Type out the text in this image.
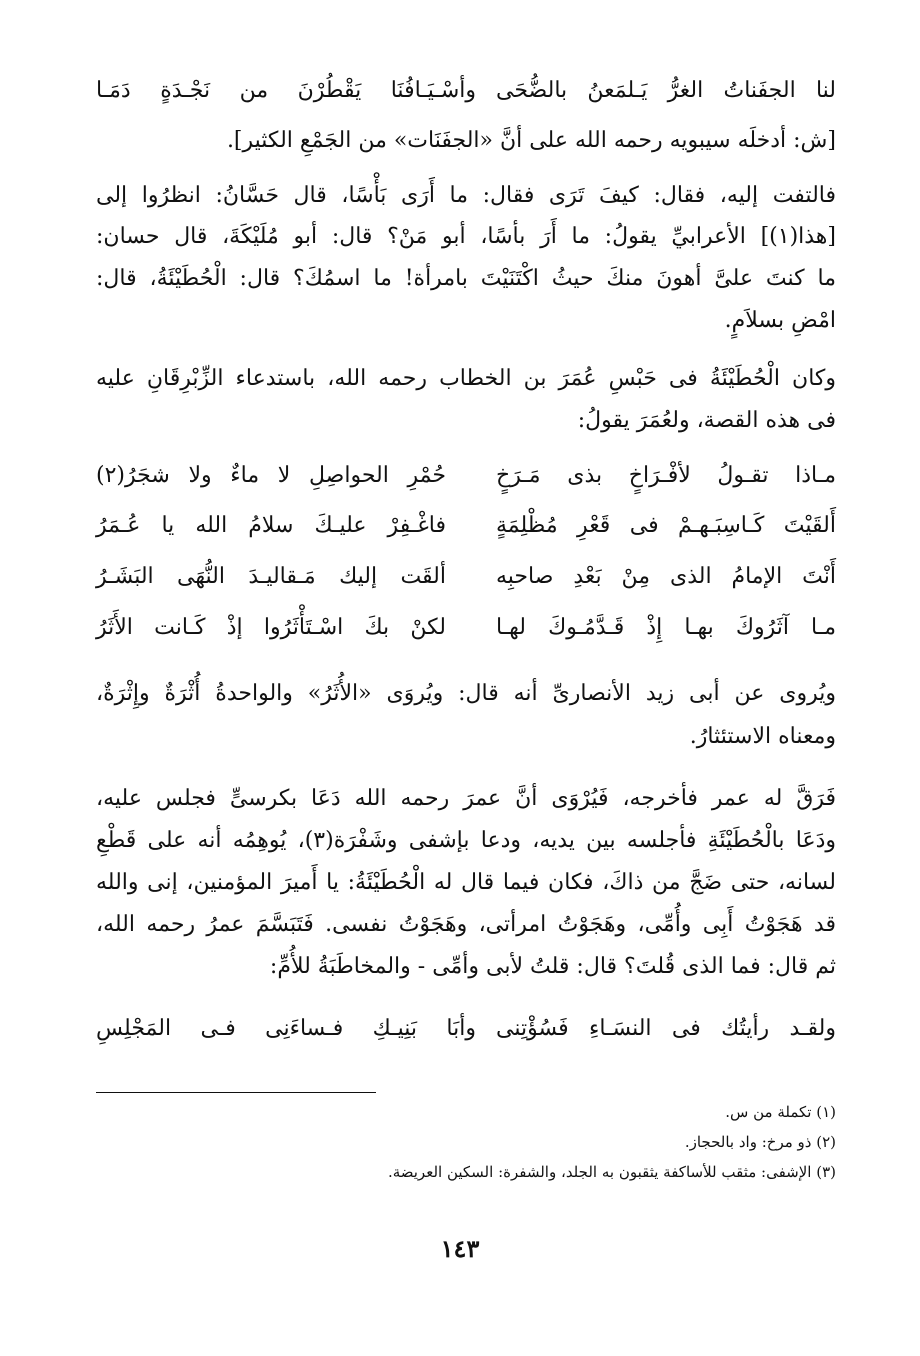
لنا الجفَناتُ الغرُّ يَـلمَعنُ بالضُّحَى
وأسْـيَـافُنَا يَقْطُرْنَ من نَجْـدَةٍ دَمَـا
[ش: أدخلَه سيبويه رحمه الله على أنَّ «الجفَنَات» من الجَمْعِ الكثير].
فالتفت إليه، فقال: كيفَ تَرَى فقال: ما أَرَى بَأْسًا، قال حَسَّانُ: انظرُوا إلى
[هذا(١)] الأعرابيِّ يقولُ: ما أَرَ بأسًا، أبو مَنْ؟ قال: أبو مُلَيْكَةَ، قال حسان:
ما كنتَ علىَّ أهونَ منكَ حيثُ اكْتَنَيْتَ بامرأة! ما اسمُكَ؟ قال: الْحُطَيْئَةُ، قال:
امْضِ بسلاَمٍ.
وكان الْحُطَيْئَةُ فى حَبْسِ عُمَرَ بن الخطاب رحمه الله، باستدعاء الزِّبْرِقَانِ عليه
فى هذه القصة، ولعُمَرَ يقولُ:
مـاذا تقـولُ لأفْـرَاخٍ بذى مَـرَخٍ
حُمْرِ الحواصِلِ لا ماءٌ ولا شجَرُ(٢)
أَلقَيْتَ كَـاسِبَـهـمْ فى قَعْرِ مُظْلِمَةٍ
فاغْـفِرْ عليـكَ سلامُ الله يا عُـمَرُ
أَنْتَ الإمامُ الذى مِنْ بَعْدِ صاحبِه
ألقَت إليك مَـقاليـدَ النُّهَى البَشَـرُ
مـا آثَرُوكَ بهـا إِذْ قَـدَّمُـوكَ لهـا
لكنْ بكَ اسْـتَأْثَرُوا إذْ كَـانت الأَثَرُ
ويُروى عن أبى زيد الأنصارىِّ أنه قال: ويُروَى «الأُثَرُ» والواحدةُ أُثْرَةٌ وإِثْرَةٌ،
ومعناه الاستئثارُ.
فَرَقَّ له عمر فأخرجه، فَيُرْوَى أنَّ عمرَ رحمه الله دَعَا بكرسىٍّ فجلس عليه،
ودَعَا بالْحُطَيْئَةِ فأجلسه بين يديه، ودعا بإشفى وشَفْرَة(٣)، يُوهِمُه أنه على قَطْعِ
لسانه، حتى ضَجَّ من ذاكَ، فكان فيما قال له الْحُطَيْئَةُ: يا أَميرَ المؤمنين، إنى والله
قد هَجَوْتُ أَبِى وأُمِّى، وهَجَوْتُ امرأتى، وهَجَوْتُ نفسى. فَتَبَسَّمَ عمرُ رحمه الله،
ثم قال: فما الذى قُلتَ؟ قال: قلتُ لأبى وأمِّى - والمخاطَبَةُ للأُمِّ:
ولقـد رأيتُك فى النسَـاءِ فَسُؤْتِنى
وأبَا بَنِيـكِ فـساءَنِى فـى المَجْلِسِ
(١) تكملة من س.
(٢) ذو مرخ: واد بالحجاز.
(٣) الإشفى: مثقب للأساكفة يثقبون به الجلد، والشفرة: السكين العريضة.
١٤٣
